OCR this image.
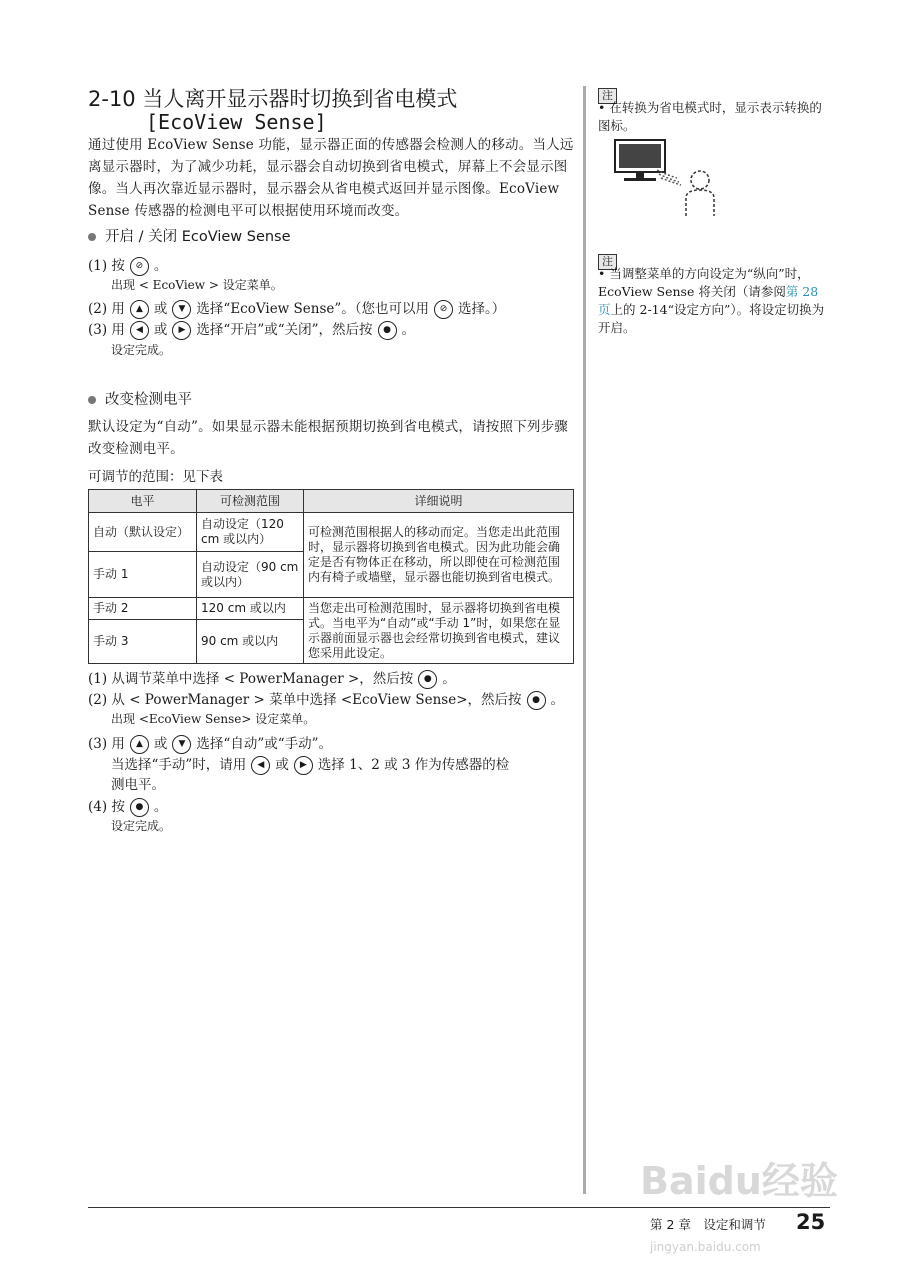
2-10 当人离开显示器时切换到省电模式
[EcoView Sense]
通过使用 EcoView Sense 功能，显示器正面的传感器会检测人的移动。当人远离显示器时，为了减少功耗，显示器会自动切换到省电模式，屏幕上不会显示图像。当人再次靠近显示器时，显示器会从省电模式返回并显示图像。EcoView Sense 传感器的检测电平可以根据使用环境而改变。
开启 / 关闭 EcoView Sense
(1) 按 ⊘ 。
出现 < EcoView > 设定菜单。
(2) 用 ▲ 或 ▼ 选择“EcoView Sense”。（您也可以用 ⊘ 选择。）
(3) 用 ◀ 或 ▶ 选择“开启”或“关闭”，然后按 ● 。
设定完成。
改变检测电平
默认设定为“自动”。如果显示器未能根据预期切换到省电模式，请按照下列步骤改变检测电平。
可调节的范围：见下表
电平	可检测范围	详细说明
自动（默认设定）	自动设定（120 cm 或以内）	可检测范围根据人的移动而定。当您走出此范围时，显示器将切换到省电模式。因为此功能会确定是否有物体正在移动，所以即使在可检测范围内有椅子或墙壁，显示器也能切换到省电模式。
手动 1	自动设定（90 cm 或以内）	
手动 2	120 cm 或以内	当您走出可检测范围时，显示器将切换到省电模式。当电平为“自动”或“手动 1”时，如果您在显示器前面显示器也会经常切换到省电模式，建议您采用此设定。
手动 3	90 cm 或以内	
(1) 从调节菜单中选择 < PowerManager >，然后按 ● 。
(2) 从 < PowerManager > 菜单中选择 <EcoView Sense>，然后按 ● 。
出现 <EcoView Sense> 设定菜单。
(3) 用 ▲ 或 ▼ 选择“自动”或“手动”。
当选择“手动”时，请用 ◀ 或 ▶ 选择 1、2 或 3 作为传感器的检
测电平。
(4) 按 ● 。
设定完成。
注
• 在转换为省电模式时，显示表示转换的图标。
注
• 当调整菜单的方向设定为“纵向”时，EcoView Sense 将关闭（请参阅第 28 页上的 2-14“设定方向”）。将设定切换为开启。
Baidu经验
jingyan.baidu.com
第 2 章　设定和调节 25
